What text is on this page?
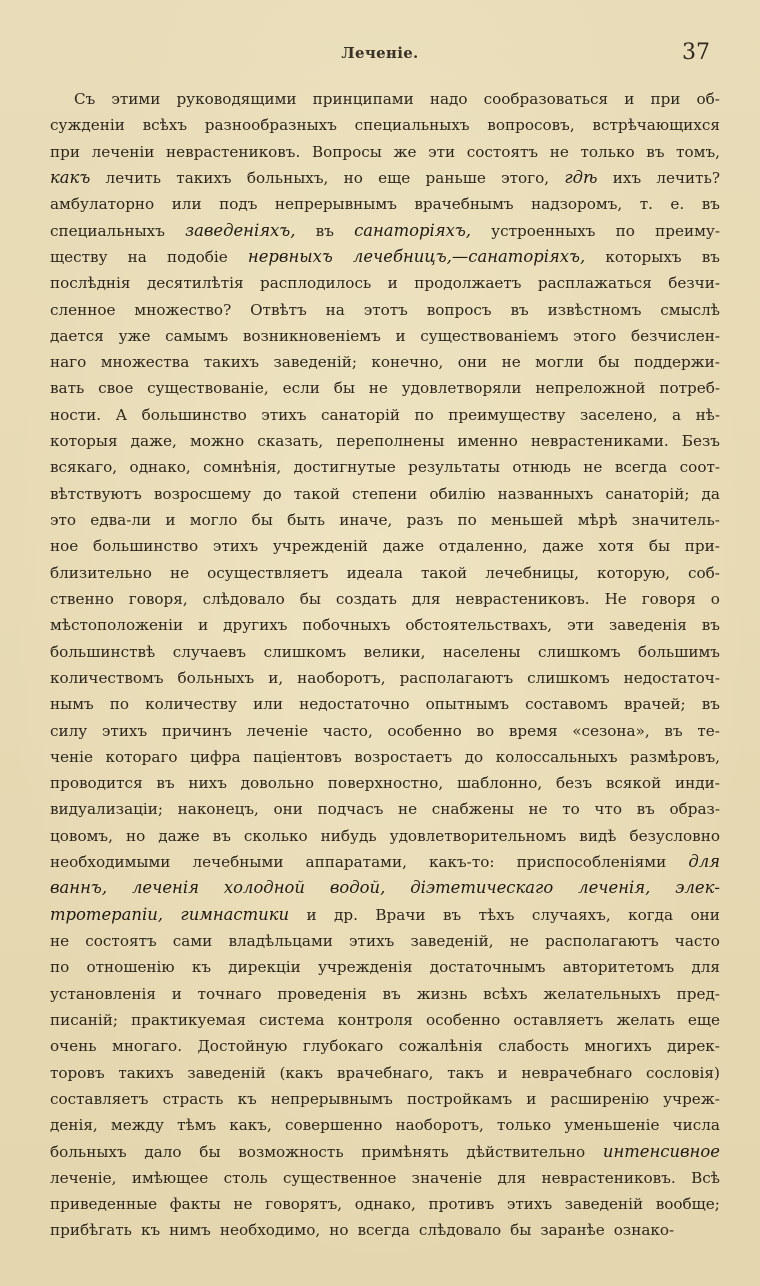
Леченіе.	37
Съ этими руководящими принципами надо сообразоваться и при об-
сужденіи всѣхъ разнообразныхъ специальныхъ вопросовъ, встрѣчающихся
при леченіи неврастениковъ. Вопросы же эти состоятъ не только въ томъ,
какъ лечить такихъ больныхъ, но еще раньше этого, гдѣ ихъ лечить?
амбулаторно или подъ непрерывнымъ врачебнымъ надзоромъ, т. е. въ
специальныхъ заведеніяхъ, въ санаторіяхъ, устроенныхъ по преиму-
ществу на подобіе нервныхъ лечебницъ,—санаторіяхъ, которыхъ въ
послѣднія десятилѣтія расплодилось и продолжаетъ расплажаться безчи-
сленное множество? Отвѣтъ на этотъ вопросъ въ извѣстномъ смыслѣ
дается уже самымъ возникновеніемъ и существованіемъ этого безчислен-
наго множества такихъ заведеній; конечно, они не могли бы поддержи-
вать свое существованіе, если бы не удовлетворяли непреложной потреб-
ности. А большинство этихъ санаторій по преимуществу заселено, а нѣ-
которыя даже, можно сказать, переполнены именно неврастениками. Безъ
всякаго, однако, сомнѣнія, достигнутые результаты отнюдь не всегда соот-
вѣтствуютъ возросшему до такой степени обилію названныхъ санаторій; да
это едва-ли и могло бы быть иначе, разъ по меньшей мѣрѣ значитель-
ное большинство этихъ учрежденій даже отдаленно, даже хотя бы при-
близительно не осуществляетъ идеала такой лечебницы, которую, соб-
ственно говоря, слѣдовало бы создать для неврастениковъ. Не говоря о
мѣстоположеніи и другихъ побочныхъ обстоятельствахъ, эти заведенія въ
большинствѣ случаевъ слишкомъ велики, населены слишкомъ большимъ
количествомъ больныхъ и, наоборотъ, располагаютъ слишкомъ недостаточ-
нымъ по количеству или недостаточно опытнымъ составомъ врачей; въ
силу этихъ причинъ леченіе часто, особенно во время «сезона», въ те-
ченіе котораго цифра паціентовъ возростаетъ до колоссальныхъ размѣровъ,
проводится въ нихъ довольно поверхностно, шаблонно, безъ всякой инди-
видуализаціи; наконецъ, они подчасъ не снабжены не то что въ образ-
цовомъ, но даже въ сколько нибудь удовлетворительномъ видѣ безусловно
необходимыми лечебными аппаратами, какъ-то: приспособленіями для
ваннъ, леченія холодной водой, діэтетическаго леченія, элек-
тротерапіи, гимнастики и др. Врачи въ тѣхъ случаяхъ, когда они
не состоятъ сами владѣльцами этихъ заведеній, не располагаютъ часто
по отношенію къ дирекціи учрежденія достаточнымъ авторитетомъ для
установленія и точнаго проведенія въ жизнь всѣхъ желательныхъ пред-
писаній; практикуемая система контроля особенно оставляетъ желать еще
очень многаго. Достойную глубокаго сожалѣнія слабость многихъ дирек-
торовъ такихъ заведеній (какъ врачебнаго, такъ и неврачебнаго сословія)
составляетъ страсть къ непрерывнымъ постройкамъ и расширенію учреж-
денія, между тѣмъ какъ, совершенно наоборотъ, только уменьшеніе числа
больныхъ дало бы возможность примѣнять дѣйствительно интенсивное
леченіе, имѣющее столь существенное значеніе для неврастениковъ. Всѣ
приведенные факты не говорятъ, однако, противъ этихъ заведеній вообще;
прибѣгать къ нимъ необходимо, но всегда слѣдовало бы заранѣе ознако-
